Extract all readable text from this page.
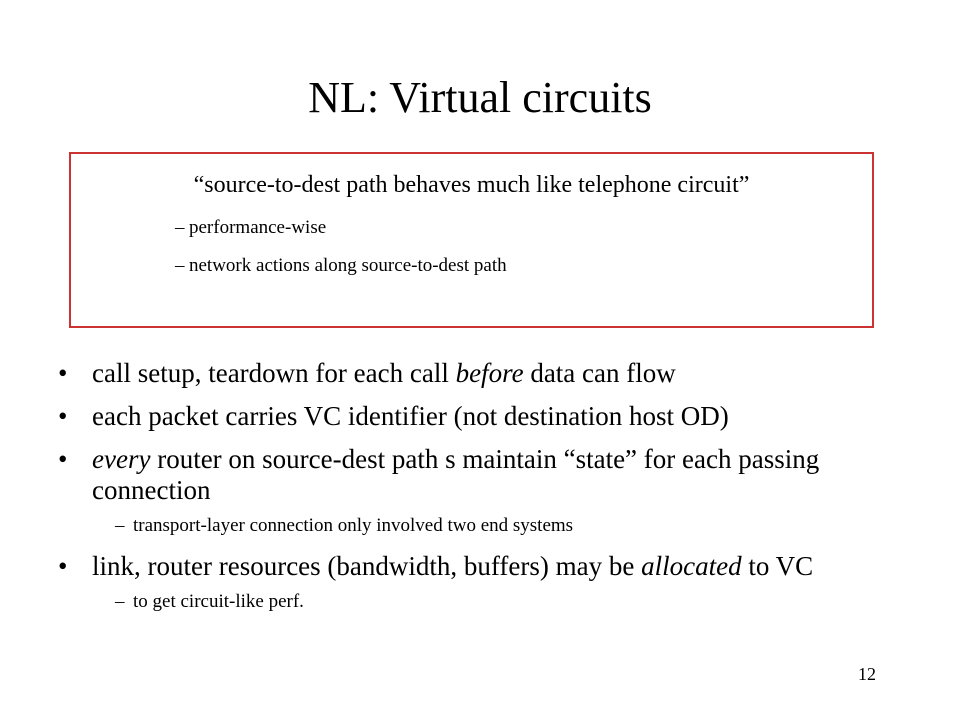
NL: Virtual circuits
“source-to-dest path behaves much like telephone circuit”
– performance-wise
– network actions along source-to-dest path
• call setup, teardown for each call before data can flow
• each packet carries VC identifier (not destination host OD)
• every router on source-dest path s maintain “state” for each passing connection
– transport-layer connection only involved two end systems
• link, router resources (bandwidth, buffers) may be allocated to VC
– to get circuit-like perf.
12
